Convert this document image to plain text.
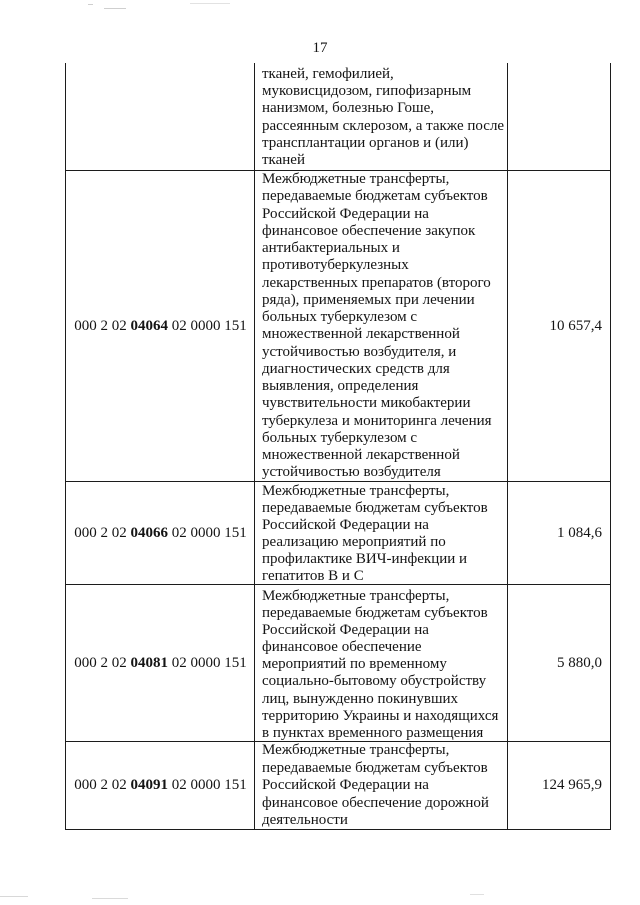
17
тканей, гемофилией,
муковисцидозом, гипофизарным
нанизмом, болезнью Гоше,
рассеянным склерозом, а также после
трансплантации органов и (или)
тканей
000 2 02
04064
02 0000 151
Межбюджетные трансферты,
передаваемые бюджетам субъектов
Российской Федерации на
финансовое обеспечение закупок
антибактериальных и
противотуберкулезных
лекарственных препаратов (второго
ряда), применяемых при лечении
больных туберкулезом с
множественной лекарственной
устойчивостью возбудителя, и
диагностических средств для
выявления, определения
чувствительности микобактерии
туберкулеза и мониторинга лечения
больных туберкулезом с
множественной лекарственной
устойчивостью возбудителя
10 657,4
000 2 02
04066
02 0000 151
Межбюджетные трансферты,
передаваемые бюджетам субъектов
Российской Федерации на
реализацию мероприятий по
профилактике ВИЧ-инфекции и
гепатитов В и С
1 084,6
000 2 02
04081
02 0000 151
Межбюджетные трансферты,
передаваемые бюджетам субъектов
Российской Федерации на
финансовое обеспечение
мероприятий по временному
социально-бытовому обустройству
лиц, вынужденно покинувших
территорию Украины и находящихся
в пунктах временного размещения
5 880,0
000 2 02
04091
02 0000 151
Межбюджетные трансферты,
передаваемые бюджетам субъектов
Российской Федерации на
финансовое обеспечение дорожной
деятельности
124 965,9
